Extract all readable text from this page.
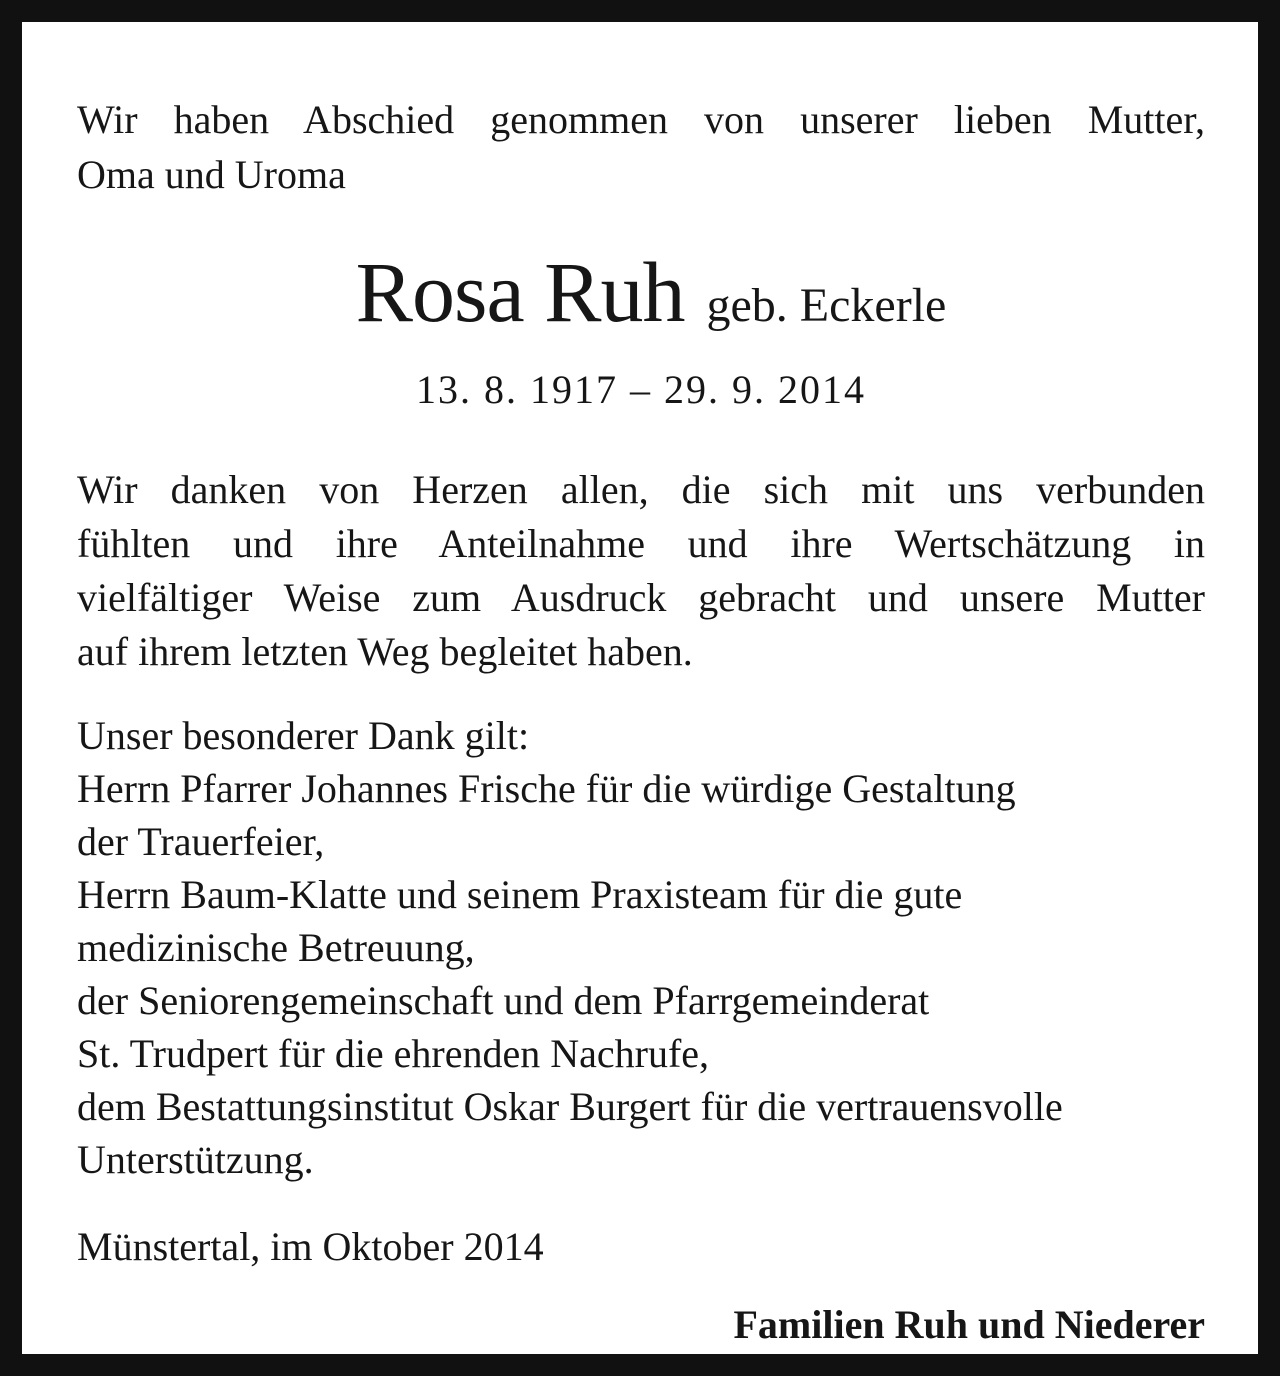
Wir haben Abschied genommen von unserer lieben Mutter,
Oma und Uroma

Rosa Ruh geb. Eckerle
13. 8. 1917 – 29. 9. 2014
Wir danken von Herzen allen, die sich mit uns verbunden
fühlten und ihre Anteilnahme und ihre Wertschätzung in
vielfältiger Weise zum Ausdruck gebracht und unsere Mutter
auf ihrem letzten Weg begleitet haben.
Unser besonderer Dank gilt:
Herrn Pfarrer Johannes Frische für die würdige Gestaltung
der Trauerfeier,
Herrn Baum-Klatte und seinem Praxisteam für die gute
medizinische Betreuung,
der Seniorengemeinschaft und dem Pfarrgemeinderat
St. Trudpert für die ehrenden Nachrufe,
dem Bestattungsinstitut Oskar Burgert für die vertrauensvolle
Unterstützung.
Münstertal, im Oktober 2014
Familien Ruh und Niederer
